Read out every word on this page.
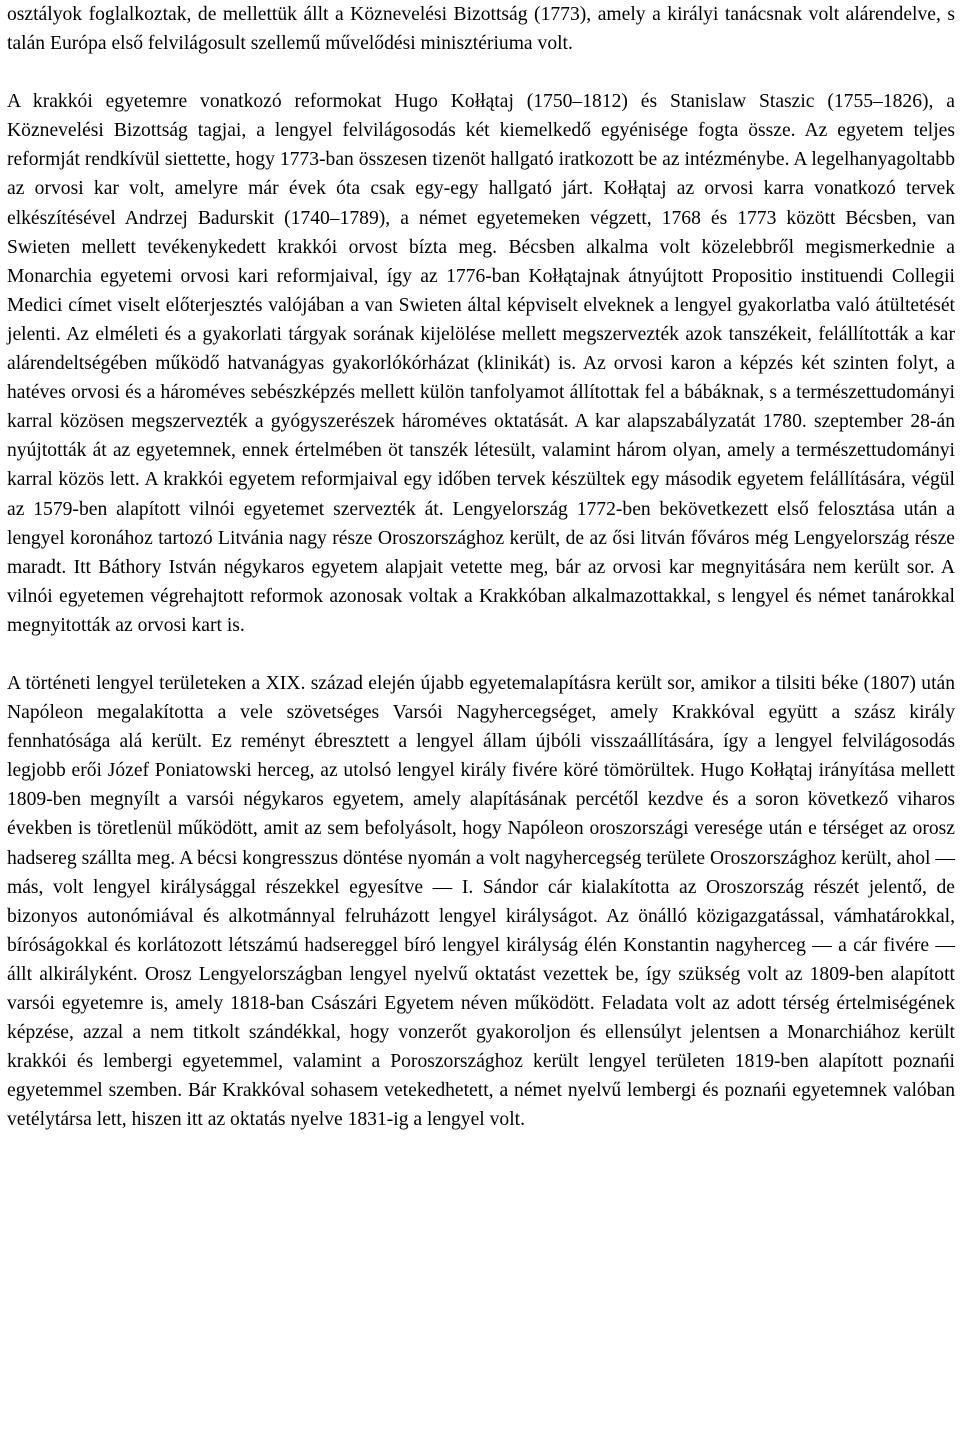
osztályok foglalkoztak, de mellettük állt a Köznevelési Bizottság (1773), amely a királyi tanácsnak volt alárendelve, s talán Európa első felvilágosult szellemű művelődési minisztériuma volt.

A krakkói egyetemre vonatkozó reformokat Hugo Kołłątaj (1750–1812) és Stanislaw Staszic (1755–1826), a Köznevelési Bizottság tagjai, a lengyel felvilágosodás két kiemelkedő egyénisége fogta össze. Az egyetem teljes reformját rendkívül siettette, hogy 1773-ban összesen tizenöt hallgató iratkozott be az intézménybe. A legelhanyagoltabb az orvosi kar volt, amelyre már évek óta csak egy-egy hallgató járt. Kołłątaj az orvosi karra vonatkozó tervek elkészítésével Andrzej Badurskit (1740–1789), a német egyetemeken végzett, 1768 és 1773 között Bécsben, van Swieten mellett tevékenykedett krakkói orvost bízta meg. Bécsben alkalma volt közelebbről megismerkednie a Monarchia egyetemi orvosi kari reformjaival, így az 1776-ban Kołłątajnak átnyújtott Propositio instituendi Collegii Medici címet viselt előterjesztés valójában a van Swieten által képviselt elveknek a lengyel gyakorlatba való átültetését jelenti. Az elméleti és a gyakorlati tárgyak sorának kijelölése mellett megszervezték azok tanszékeit, felállították a kar alárendeltségében működő hatvanágyas gyakorlókórházat (klinikát) is. Az orvosi karon a képzés két szinten folyt, a hatéves orvosi és a hároméves sebészképzés mellett külön tanfolyamot állítottak fel a bábáknak, s a természettudományi karral közösen megszervezték a gyógyszerészek hároméves oktatását. A kar alapszabályzatát 1780. szeptember 28-án nyújtották át az egyetemnek, ennek értelmében öt tanszék létesült, valamint három olyan, amely a természettudományi karral közös lett. A krakkói egyetem reformjaival egy időben tervek készültek egy második egyetem felállítására, végül az 1579-ben alapított vilnói egyetemet szervezték át. Lengyelország 1772-ben bekövetkezett első felosztása után a lengyel koronához tartozó Litvánia nagy része Oroszországhoz került, de az ősi litván főváros még Lengyelország része maradt. Itt Báthory István négykaros egyetem alapjait vetette meg, bár az orvosi kar megnyitására nem került sor. A vilnói egyetemen végrehajtott reformok azonosak voltak a Krakkóban alkalmazottakkal, s lengyel és német tanárokkal megnyitották az orvosi kart is.

A történeti lengyel területeken a XIX. század elején újabb egyetemalapításra került sor, amikor a tilsiti béke (1807) után Napóleon megalakította a vele szövetséges Varsói Nagyhercegséget, amely Krakkóval együtt a szász király fennhatósága alá került. Ez reményt ébresztett a lengyel állam újbóli visszaállítására, így a lengyel felvilágosodás legjobb erői Józef Poniatowski herceg, az utolsó lengyel király fivére köré tömörültek. Hugo Kołłątaj irányítása mellett 1809-ben megnyílt a varsói négykaros egyetem, amely alapításának percétől kezdve és a soron következő viharos években is töretlenül működött, amit az sem befolyásolt, hogy Napóleon oroszországi veresége után e térséget az orosz hadsereg szállta meg. A bécsi kongresszus döntése nyomán a volt nagyhercegség területe Oroszországhoz került, ahol — más, volt lengyel királysággal részekkel egyesítve — I. Sándor cár kialakította az Oroszország részét jelentő, de bizonyos autonómiával és alkotmánnyal felruházott lengyel királyságot. Az önálló közigazgatással, vámhatárokkal, bíróságokkal és korlátozott létszámú hadsereggel bíró lengyel királyság élén Konstantin nagyherceg — a cár fivére — állt alkirályként. Orosz Lengyelországban lengyel nyelvű oktatást vezettek be, így szükség volt az 1809-ben alapított varsói egyetemre is, amely 1818-ban Császári Egyetem néven működött. Feladata volt az adott térség értelmiségének képzése, azzal a nem titkolt szándékkal, hogy vonzerőt gyakoroljon és ellensúlyt jelentsen a Monarchiához került krakkói és lembergi egyetemmel, valamint a Poroszországhoz került lengyel területen 1819-ben alapított poznańi egyetemmel szemben. Bár Krakkóval sohasem vetekedhetett, a német nyelvű lembergi és poznańi egyetemnek valóban vetélytársa lett, hiszen itt az oktatás nyelve 1831-ig a lengyel volt.
